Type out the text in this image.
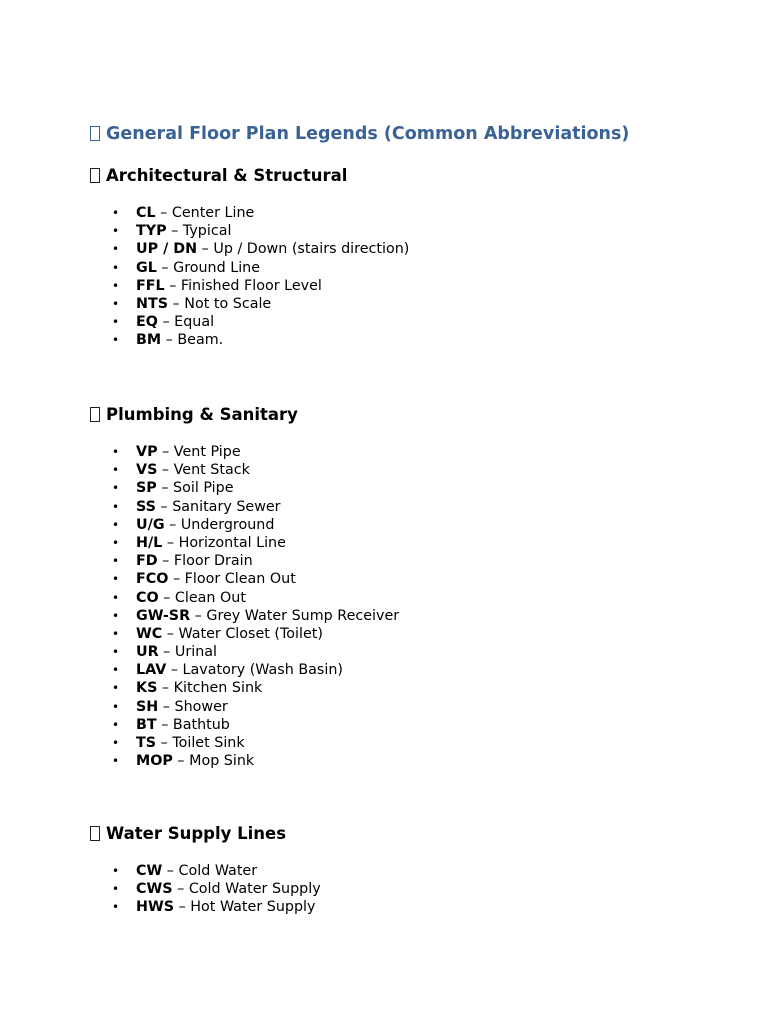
General Floor Plan Legends (Common Abbreviations)
Architectural & Structural
• CL – Center Line
• TYP – Typical
• UP / DN – Up / Down (stairs direction)
• GL – Ground Line
• FFL – Finished Floor Level
• NTS – Not to Scale
• EQ – Equal
• BM – Beam.
Plumbing & Sanitary
• VP – Vent Pipe
• VS – Vent Stack
• SP – Soil Pipe
• SS – Sanitary Sewer
• U/G – Underground
• H/L – Horizontal Line
• FD – Floor Drain
• FCO – Floor Clean Out
• CO – Clean Out
• GW-SR – Grey Water Sump Receiver
• WC – Water Closet (Toilet)
• UR – Urinal
• LAV – Lavatory (Wash Basin)
• KS – Kitchen Sink
• SH – Shower
• BT – Bathtub
• TS – Toilet Sink
• MOP – Mop Sink
Water Supply Lines
• CW – Cold Water
• CWS – Cold Water Supply
• HWS – Hot Water Supply
